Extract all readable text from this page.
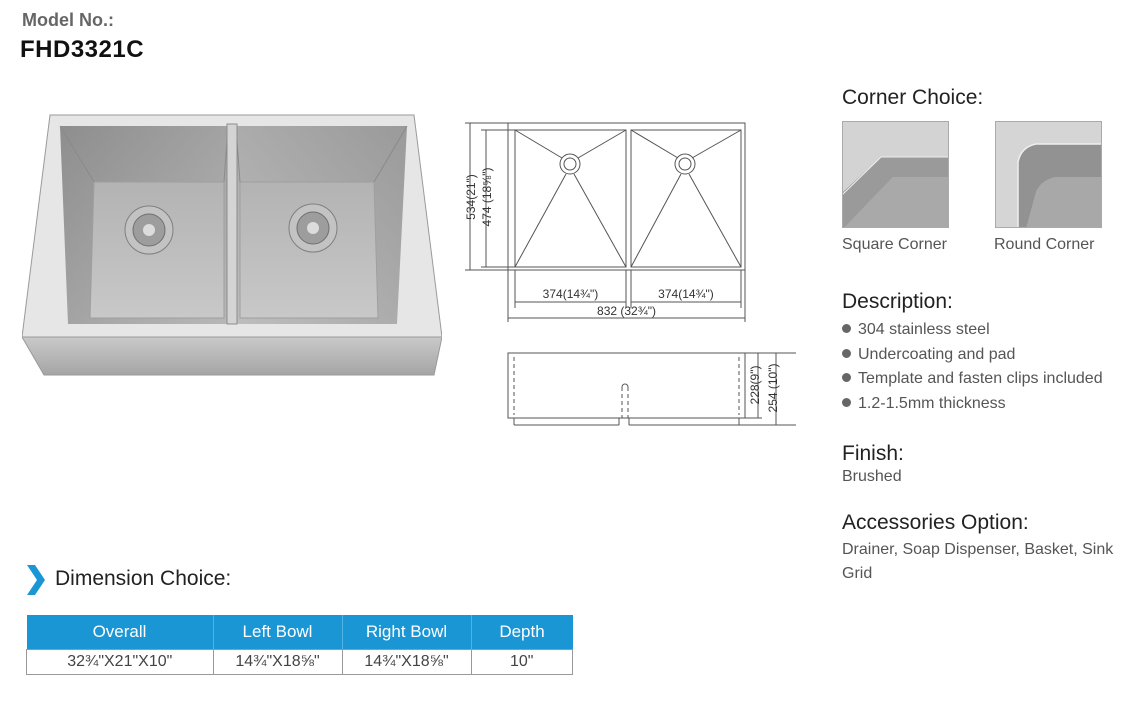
Model No.:
FHD3321C
534(21") 474 (18⅝")
374(14¾")	374(14¾")
832 (32¾")
228(9") 254 (10")
Corner Choice:
Square Corner	Round Corner
Description:
304 stainless steel
Undercoating and pad
Template and fasten clips included
1.2-1.5mm thickness
Finish:
Brushed
Accessories Option:
Drainer, Soap Dispenser, Basket, Sink Grid
Dimension Choice:
Overall	Left Bowl	Right Bowl	Depth
32¾"X21"X10"	14¾"X18⅝"	14¾"X18⅝"	10"
